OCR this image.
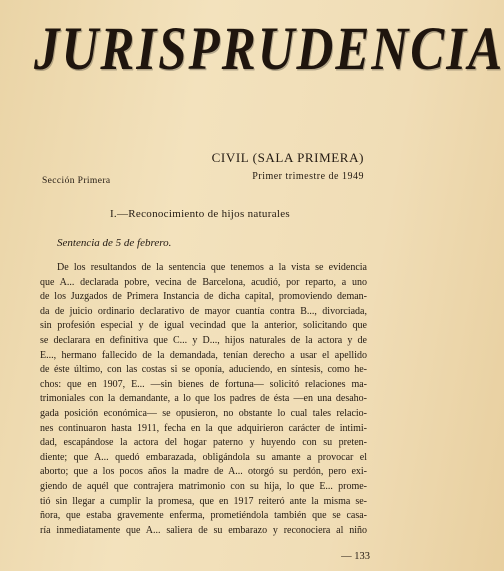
JURISPRUDENCIA
Sección Primera
CIVIL (SALA PRIMERA)
Primer trimestre de 1949
I.—Reconocimiento de hijos naturales
Sentencia de 5 de febrero.
De los resultandos de la sentencia que tenemos a la vista se evidencia
que A... declarada pobre, vecina de Barcelona, acudió, por reparto, a uno
de los Juzgados de Primera Instancia de dicha capital, promoviendo deman-
da de juicio ordinario declarativo de mayor cuantía contra B..., divorciada,
sin profesión especial y de igual vecindad que la anterior, solicitando que
se declarara en definitiva que C... y D..., hijos naturales de la actora y de
E..., hermano fallecido de la demandada, tenían derecho a usar el apellido
de éste último, con las costas si se oponía, aduciendo, en síntesis, como he-
chos: que en 1907, E... —sin bienes de fortuna— solicitó relaciones ma-
trimoniales con la demandante, a lo que los padres de ésta —en una desaho-
gada posición económica— se opusieron, no obstante lo cual tales relacio-
nes continuaron hasta 1911, fecha en la que adquirieron carácter de intimi-
dad, escapándose la actora del hogar paterno y huyendo con su preten-
diente; que A... quedó embarazada, obligándola su amante a provocar el
aborto; que a los pocos años la madre de A... otorgó su perdón, pero exi-
giendo de aquél que contrajera matrimonio con su hija, lo que E... prome-
tió sin llegar a cumplir la promesa, que en 1917 reiteró ante la misma se-
ñora, que estaba gravemente enferma, prometiéndola también que se casa-
ría inmediatamente que A... saliera de su embarazo y reconociera al niño
— 133
